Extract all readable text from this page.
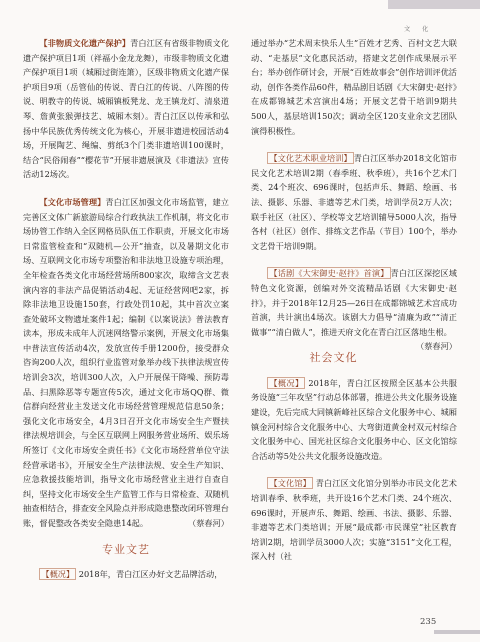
文 化

【非物质文化遗产保护】青白江区有省级非物质文化遗产保护项目1项（祥福小金龙龙舞），市级非物质文化遗产保护项目1项（城厢过街连箫），区级非物质文化遗产保护项目9项（岳管仙的传说、青白江的传说、八阵图的传说、明教寺的传说、城厢镇板凳龙、龙王镇龙灯、清泉道琴、詹黄张猴弹技艺、城厢木刻）。青白江区以传承和弘扬中华民族优秀传统文化为核心，开展非遗进校园活动4场，开展陶艺、绳编、剪纸3个门类非遗培训100课时，结合“民俗闹春”“樱花节”开展非遗展演及《非遗法》宣传活动12场次。

【文化市场管理】青白江区加强文化市场监管，建立完善区文体广新旅游局综合行政执法工作机制，将文化市场协管工作纳入全区网格员队伍工作职责，开展文化市场日常监管检查和“双随机—公开”抽查，以及暑期文化市场、互联网文化市场专项整治和非法地卫设施专项治理，全年检查各类文化市场经营场所800家次，取缔含文艺表演内容的非法产品促销活动4起、无证经营网吧2家，拆除非法地卫设施150套，行政处罚10起，其中首次立案查处破坏文物遗址案件1起；编制《以案说法》普法教育读本，形成未成年人沉迷网络警示案例，开展文化市场集中普法宣传活动4次，发放宣传手册1200份，接受群众咨询200人次，组织行业监管对象举办线下扶律法规宣传培训会3次，培训300人次，入户开展保干降噪、预防毒品、扫黑除恶等专题宣传5次，通过文化市场QQ群、微信群向经营业主发送文化市场经营管理规范信息50条；强化文化市场安全，4月3日召开文化市场安全生产暨扶律法规培训会，与全区互联网上网服务营业场所、娱乐场所签订《文化市场安全责任书》《文化市场经营单位守法经营承诺书》，开展安全生产法律法规、安全生产知识、应急救援技能培训，指导文化市场经营业主进行自查自纠，坚持文化市场安全生产监管工作与日常检查、双随机抽查相结合，排查安全风险点并形成隐患整改闭环管理台账，督促整改各类安全隐患14起。	（蔡春河）

专业文艺

【概况】 2018年，青白江区办好文艺品牌活动，

通过举办“艺术周末快乐人生”百姓才艺秀、百村文艺大联动、“走基层”文化惠民活动，搭建文艺创作成果展示平台；举办创作研讨会，开展“百姓故事会”创作培训评优活动，创作各类作品60件，精品剧目话剧《大宋御史·赵抃》在成都锦城艺术宫演出4场；开展文艺骨干培训9期共500人，基层培训150次；调动全区120支业余文艺团队演得积极性。

【文化艺术职业培训】 青白江区举办2018文化馆市民文化艺术培训2期（春季班、秋季班），共16个艺术门类、24个班次、696课时，包括声乐、舞蹈、绘画、书法、摄影、乐器、非遗等艺术门类，培训学员2万人次；联手社区（社区）、学校等文艺培训辅导5000人次，指导各村（社区）创作、排练文艺作品（节目）100个，举办文艺骨干培训9期。

【话剧《大宋御史·赵抃》首演】 青白江区深挖区域特色文化资源，创编对外交流精品话剧《大宋御史·赵抃》，并于2018年12月25—26日在成都锦城艺术宫成功首演，共计演出4场次。该剧大力倡导“清廉为政”“清正做事”“清白做人”，推进天府文化在青白江区落地生根。
（蔡春河）

社会文化

【概况】 2018年，青白江区按照全区基本公共服务设施“三年攻坚”行动总体部署，推进公共文化服务设施建设，先后完成大同镇新峰社区综合文化服务中心、城厢镇金河村综合文化服务中心、大弯街道黄金村双元村综合文化服务中心、国光社区综合文化服务中心、区文化馆综合活动等5处公共文化服务设施改造。

【文化馆】 青白江区文化馆分别举办市民文化艺术培训春季、秋季班，共开设16个艺术门类、24个班次、696课时，开展声乐、舞蹈、绘画、书法、摄影、乐器、非遗等艺术门类培训；开展“最成都·市民课堂”社区教育培训2期，培训学员3000人次；实施“3151”文化工程，深入村（社

235
